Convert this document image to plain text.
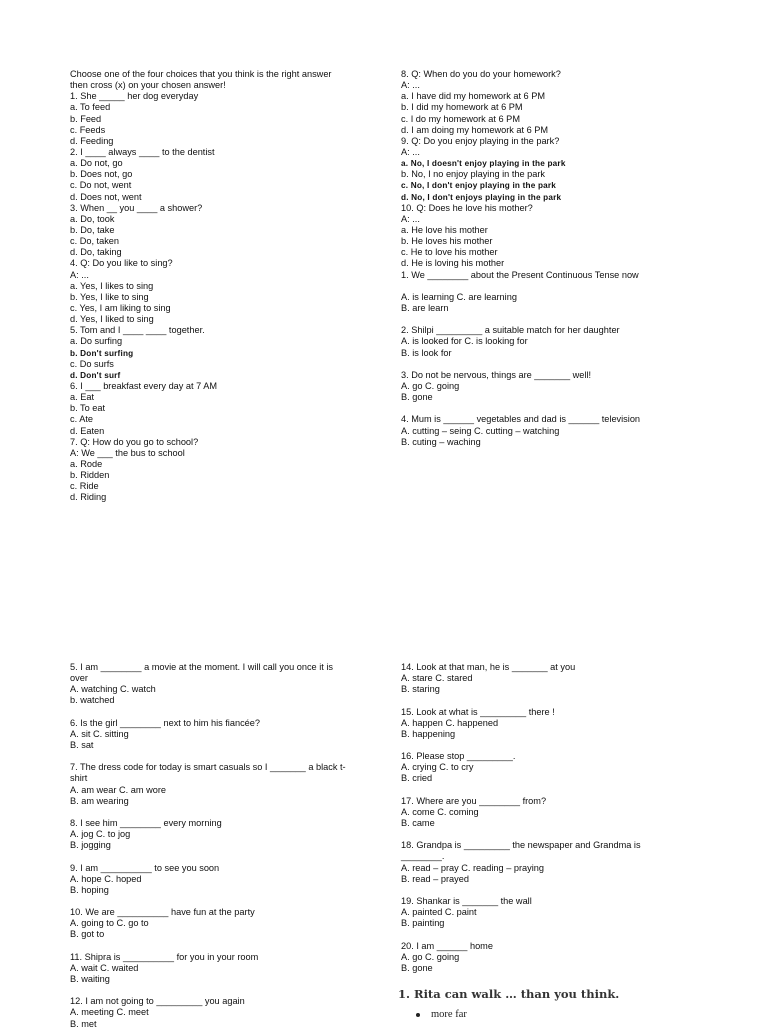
Choose one of the four choices that you think is the right answer
then cross (x) on your chosen answer!
1. She _____ her dog everyday
a. To feed
b. Feed
c. Feeds
d. Feeding
2. I ____ always ____ to the dentist
a. Do not, go
b. Does not, go
c. Do not, went
d. Does not, went
3. When __ you ____ a shower?
a. Do, took
b. Do, take
c. Do, taken
d. Do, taking
4. Q: Do you like to sing?
A: ...
a. Yes, I likes to sing
b. Yes, I like to sing
c. Yes, I am liking to sing
d. Yes, I liked to sing
5. Tom and I ____ ____ together.
a. Do surfing
b. Don't surfing
c. Do surfs
d. Don't surf
6. I ___ breakfast every day at 7 AM
a. Eat
b. To eat
c. Ate
d. Eaten
7. Q: How do you go to school?
A: We ___ the bus to school
a. Rode
b. Ridden
c. Ride
d. Riding
8. Q: When do you do your homework?
A: ...
a. I have did my homework at 6 PM
b. I did my homework at 6 PM
c. I do my homework at 6 PM
d. I am doing my homework at 6 PM
9. Q: Do you enjoy playing in the park?
A: ...
a. No, I doesn't enjoy playing in the park
b. No, I no enjoy playing in the park
c. No, I don't enjoy playing in the park
d. No, I don't enjoys playing in the park
10. Q: Does he love his mother?
A: ...
a. He love his mother
b. He loves his mother
c. He to love his mother
d. He is loving his mother
1. We ________ about the Present Continuous Tense now
A. is learning C. are learning
B. are learn
2. Shilpi _________ a suitable match for her daughter
A. is looked for C. is looking for
B. is look for
3. Do not be nervous, things are _______ well!
A. go C. going
B. gone
4. Mum is ______ vegetables and dad is ______ television
A. cutting – seing C. cutting – watching
B. cuting – waching
5. I am ________ a movie at the moment. I will call you once it is
over
A. watching C. watch
b. watched
6. Is the girl ________ next to him his fiancée?
A. sit C. sitting
B. sat
7. The dress code for today is smart casuals so I _______ a black t-
shirt
A. am wear C. am wore
B. am wearing
8. I see him ________ every morning
A. jog C. to jog
B. jogging
9. I am __________ to see you soon
A. hope C. hoped
B. hoping
10. We are __________ have fun at the party
A. going to C. go to
B. got to
11. Shipra is __________ for you in your room
A. wait C. waited
B. waiting
12. I am not going to _________ you again
A. meeting C. meet
B. met
14. Look at that man, he is _______ at you
A. stare C. stared
B. staring
15. Look at what is _________ there !
A. happen C. happened
B. happening
16. Please stop _________.
A. crying C. to cry
B. cried
17. Where are you ________ from?
A. come C. coming
B. came
18. Grandpa is _________ the newspaper and Grandma is
________.
A. read – pray C. reading – praying
B. read – prayed
19. Shankar is _______ the wall
A. painted C. paint
B. painting
20. I am ______ home
A. go C. going
B. gone
1. Rita can walk … than you think.
more far
